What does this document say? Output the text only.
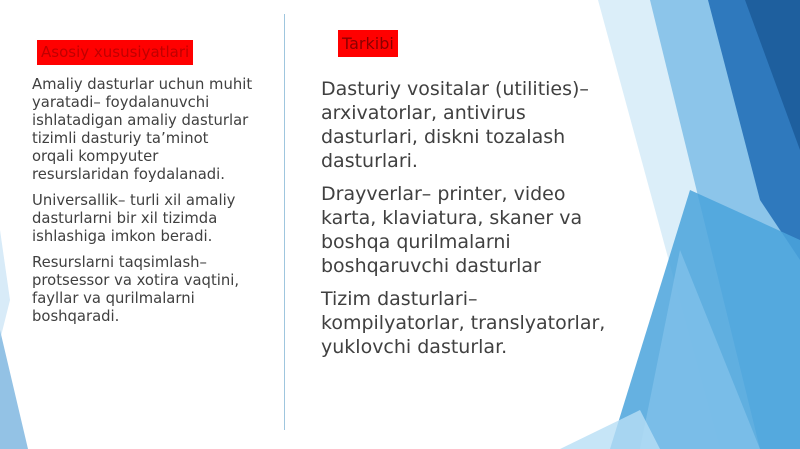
Asosiy xususiyatlari	Tarkibi

Amaliy dasturlar uchun muhit yaratadi– foydalanuvchi ishlatadigan amaliy dasturlar tizimli dasturiy ta’minot orqali kompyuter resurslaridan foydalanadi.

Universallik– turli xil amaliy dasturlarni bir xil tizimda ishlashiga imkon beradi.

Resurslarni taqsimlash– protsessor va xotira vaqtini, fayllar va qurilmalarni boshqaradi.

Dasturiy vositalar (utilities)– arxivatorlar, antivirus dasturlari, diskni tozalash dasturlari.

Drayverlar– printer, video karta, klaviatura, skaner va boshqa qurilmalarni boshqaruvchi dasturlar

Tizim dasturlari– kompilyatorlar, translyatorlar, yuklovchi dasturlar.
